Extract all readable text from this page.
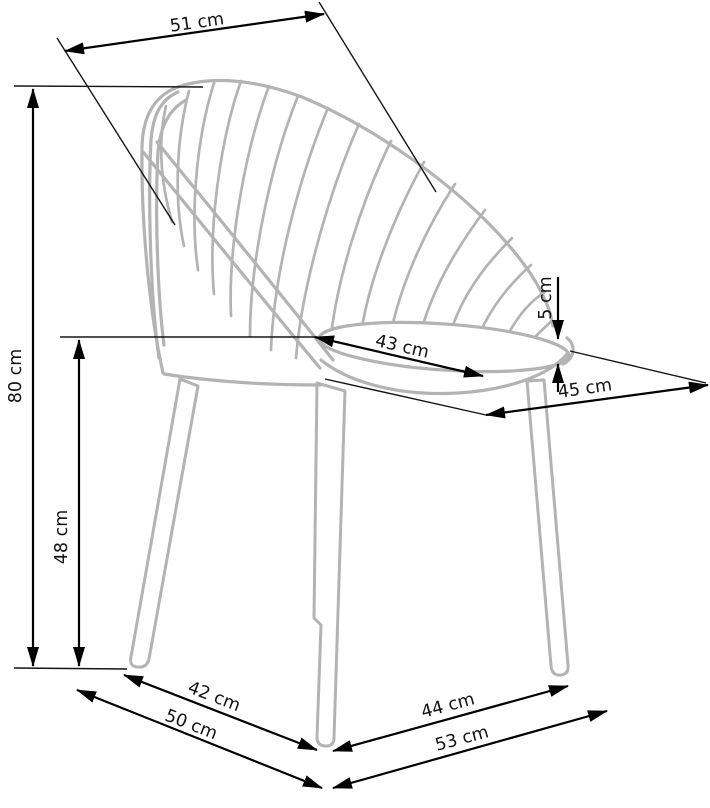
51 cm
80 cm
48 cm
43 cm
5 cm
45 cm
42 cm
50 cm	44 cm
53 cm
